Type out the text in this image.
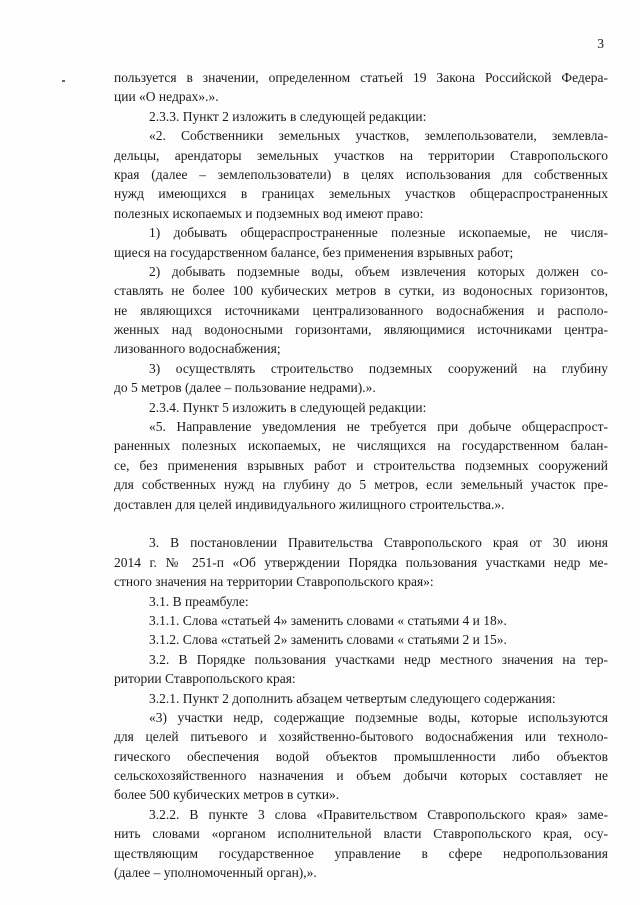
3
пользуется в значении, определенном статьей 19 Закона Российской Федера-
ции «О недрах».».
2.3.3. Пункт 2 изложить в следующей редакции:
«2. Собственники земельных участков, землепользователи, землевла-
дельцы, арендаторы земельных участков на территории Ставропольского
края (далее – землепользователи) в целях использования для собственных
нужд имеющихся в границах земельных участков общераспространенных
полезных ископаемых и подземных вод имеют право:
1) добывать общераспространенные полезные ископаемые, не числя-
щиеся на государственном балансе, без применения взрывных работ;
2) добывать подземные воды, объем извлечения которых должен со-
ставлять не более 100 кубических метров в сутки, из водоносных горизонтов,
не являющихся источниками централизованного водоснабжения и располо-
женных над водоносными горизонтами, являющимися источниками центра-
лизованного водоснабжения;
3) осуществлять строительство подземных сооружений на глубину
до 5 метров (далее – пользование недрами).».
2.3.4. Пункт 5 изложить в следующей редакции:
«5. Направление уведомления не требуется при добыче общераспрост-
раненных полезных ископаемых, не числящихся на государственном балан-
се, без применения взрывных работ и строительства подземных сооружений
для собственных нужд на глубину до 5 метров, если земельный участок пре-
доставлен для целей индивидуального жилищного строительства.».
3. В постановлении Правительства Ставропольского края от 30 июня
2014 г. № 251-п «Об утверждении Порядка пользования участками недр ме-
стного значения на территории Ставропольского края»:
3.1. В преамбуле:
3.1.1. Слова «статьей 4» заменить словами « статьями 4 и 18».
3.1.2. Слова «статьей 2» заменить словами « статьями 2 и 15».
3.2. В Порядке пользования участками недр местного значения на тер-
ритории Ставропольского края:
3.2.1. Пункт 2 дополнить абзацем четвертым следующего содержания:
«3) участки недр, содержащие подземные воды, которые используются
для целей питьевого и хозяйственно-бытового водоснабжения или техноло-
гического обеспечения водой объектов промышленности либо объектов
сельскохозяйственного назначения и объем добычи которых составляет не
более 500 кубических метров в сутки».
3.2.2. В пункте 3 слова «Правительством Ставропольского края» заме-
нить словами «органом исполнительной власти Ставропольского края, осу-
ществляющим государственное управление в сфере недропользования
(далее – уполномоченный орган),».
